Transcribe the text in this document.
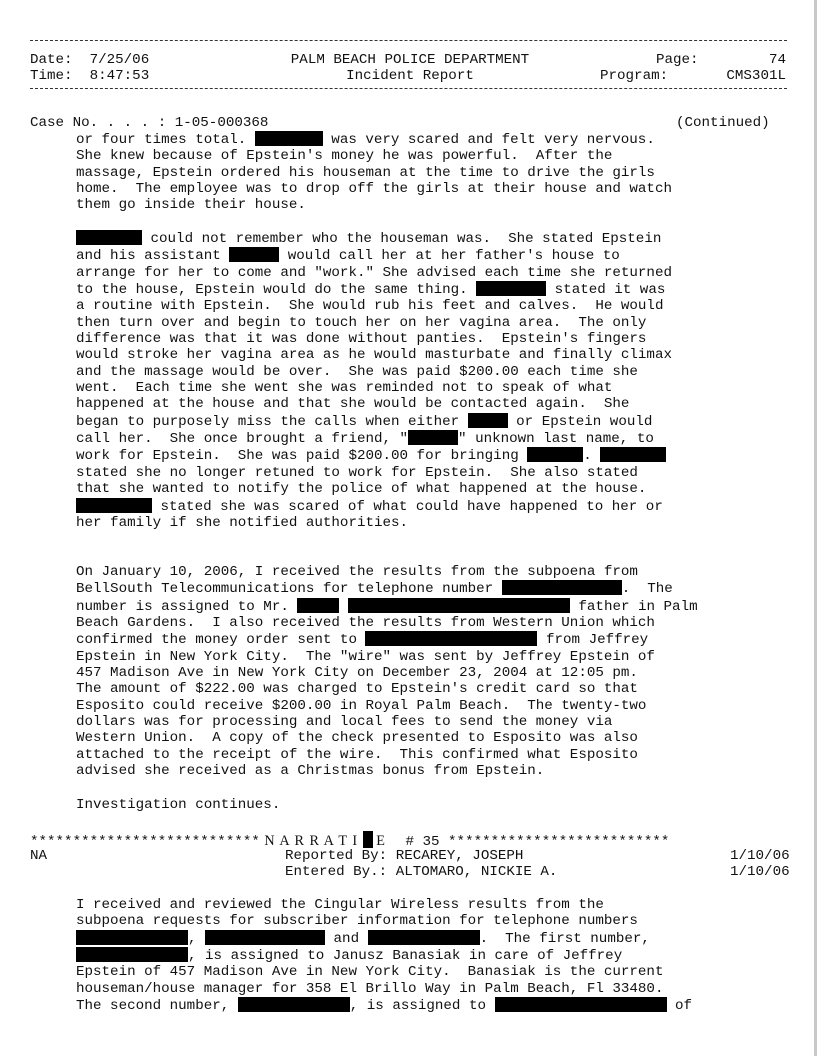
Date: 7/25/06
Time: 8:47:53
PALM BEACH POLICE DEPARTMENT
Incident Report
Page:	74
Program:	CMS301L
Case No. . . . : 1-05-000368	(Continued)
or four times total.	was very scared and felt very nervous.
She knew because of Epstein's money he was powerful.  After the
massage, Epstein ordered his houseman at the time to drive the girls
home.  The employee was to drop off the girls at their house and watch
them go inside their house.
could not remember who the houseman was.  She stated Epstein
and his assistant	would call her at her father's house to
arrange for her to come and "work." She advised each time she returned
to the house, Epstein would do the same thing.	stated it was
a routine with Epstein.  She would rub his feet and calves.  He would
then turn over and begin to touch her on her vagina area.  The only
difference was that it was done without panties.  Epstein's fingers
would stroke her vagina area as he would masturbate and finally climax
and the massage would be over.  She was paid $200.00 each time she
went.  Each time she went she was reminded not to speak of what
happened at the house and that she would be contacted again.  She
began to purposely miss the calls when either	or Epstein would
call her.  She once brought a friend, "	" unknown last name, to
work for Epstein.  She was paid $200.00 for bringing	.
stated she no longer retuned to work for Epstein.  She also stated
that she wanted to notify the police of what happened at the house.
stated she was scared of what could have happened to her or
her family if she notified authorities.
On January 10, 2006, I received the results from the subpoena from
BellSouth Telecommunications for telephone number	.  The
number is assigned to Mr.	father in Palm
Beach Gardens.  I also received the results from Western Union which
confirmed the money order sent to	from Jeffrey
Epstein in New York City.  The "wire" was sent by Jeffrey Epstein of
457 Madison Ave in New York City on December 23, 2004 at 12:05 pm.
The amount of $222.00 was charged to Epstein's credit card so that
Esposito could receive $200.00 in Royal Palm Beach.  The twenty-two
dollars was for processing and local fees to send the money via
Western Union.  A copy of the check presented to Esposito was also
attached to the receipt of the wire.  This confirmed what Esposito
advised she received as a Christmas bonus from Epstein.
Investigation continues.
*************************** N A R R A T I  E   # 35 **************************
NA	Reported By: RECAREY, JOSEPH	1/10/06
Entered By.: ALTOMARO, NICKIE A.	1/10/06
I received and reviewed the Cingular Wireless results from the
subpoena requests for subscriber information for telephone numbers
,	and	.  The first number,
, is assigned to Janusz Banasiak in care of Jeffrey
Epstein of 457 Madison Ave in New York City.  Banasiak is the current
houseman/house manager for 358 El Brillo Way in Palm Beach, Fl 33480.
The second number,	, is assigned to	of
